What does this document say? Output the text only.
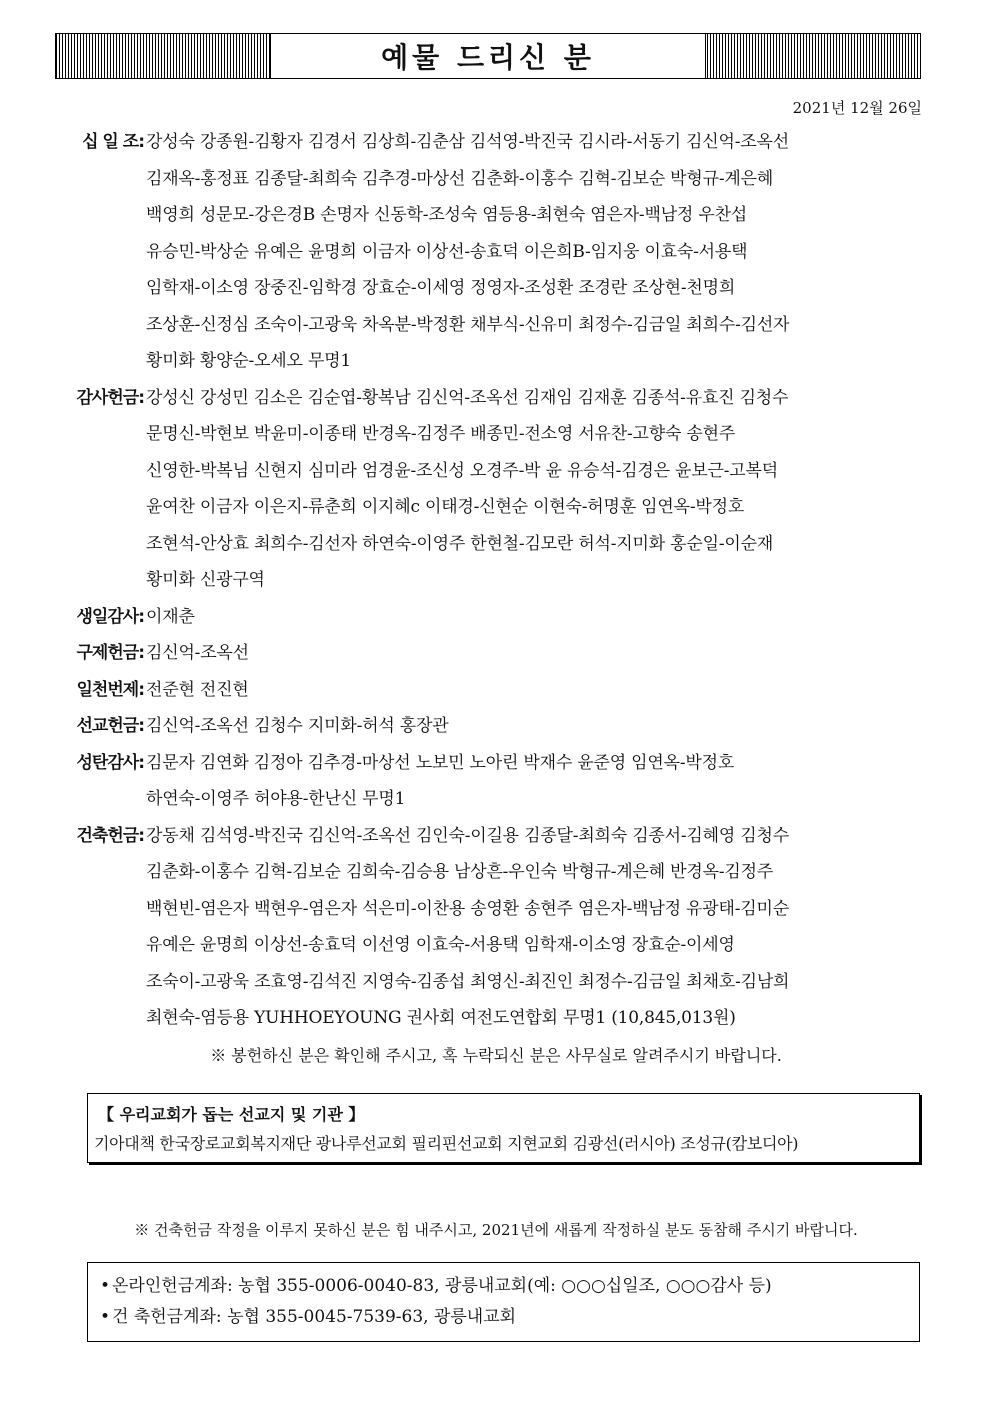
예물 드리신 분
2021년 12월 26일
십 일 조: 강성숙 강종원-김황자 김경서 김상희-김춘삼 김석영-박진국 김시라-서동기 김신억-조옥선
김재옥-홍정표 김종달-최희숙 김추경-마상선 김춘화-이홍수 김혁-김보순 박형규-계은혜
백영희 성문모-강은경B 손명자 신동학-조성숙 염등용-최현숙 염은자-백남정 우찬섭
유승민-박상순 유예은 윤명희 이금자 이상선-송효덕 이은희B-임지웅 이효숙-서용택
임학재-이소영 장중진-임학경 장효순-이세영 정영자-조성환 조경란 조상현-천명희
조상훈-신정심 조숙이-고광욱 차옥분-박정환 채부식-신유미 최정수-김금일 최희수-김선자
황미화 황양순-오세오 무명1
감사헌금: 강성신 강성민 김소은 김순엽-황복남 김신억-조옥선 김재임 김재훈 김종석-유효진 김청수
문명신-박현보 박윤미-이종태 반경옥-김정주 배종민-전소영 서유찬-고향숙 송현주
신영한-박복님 신현지 심미라 엄경윤-조신성 오경주-박 윤 유승석-김경은 윤보근-고복덕
윤여찬 이금자 이은지-류춘희 이지혜c 이태경-신현순 이현숙-허명훈 임연옥-박정호
조현석-안상효 최희수-김선자 하연숙-이영주 한현철-김모란 허석-지미화 홍순일-이순재
황미화 신광구역
생일감사: 이재춘
구제헌금: 김신억-조옥선
일천번제: 전준현 전진현
선교헌금: 김신억-조옥선 김청수 지미화-허석 홍장관
성탄감사: 김문자 김연화 김정아 김추경-마상선 노보민 노아린 박재수 윤준영 임연옥-박정호
하연숙-이영주 허야용-한난신 무명1
건축헌금: 강동채 김석영-박진국 김신억-조옥선 김인숙-이길용 김종달-최희숙 김종서-김혜영 김청수
김춘화-이홍수 김혁-김보순 김희숙-김승용 남상흔-우인숙 박형규-계은혜 반경옥-김정주
백현빈-염은자 백현우-염은자 석은미-이찬용 송영환 송현주 염은자-백남정 유광태-김미순
유예은 윤명희 이상선-송효덕 이선영 이효숙-서용택 임학재-이소영 장효순-이세영
조숙이-고광욱 조효영-김석진 지영숙-김종섭 최영신-최진인 최정수-김금일 최채호-김남희
최현숙-염등용 YUHHOEYOUNG 권사회 여전도연합회 무명1 (10,845,013원)
※ 봉헌하신 분은 확인해 주시고, 혹 누락되신 분은 사무실로 알려주시기 바랍니다.
【 우리교회가 돕는 선교지 및 기관 】
기아대책 한국장로교회복지재단 광나루선교회 필리핀선교회 지현교회 김광선(러시아) 조성규(캄보디아)
※ 건축헌금 작정을 이루지 못하신 분은 힘 내주시고, 2021년에 새롭게 작정하실 분도 동참해 주시기 바랍니다.
• 온라인헌금계좌: 농협 355-0006-0040-83, 광릉내교회(예: ○○○십일조, ○○○감사 등)
• 건 축헌금계좌: 농협 355-0045-7539-63, 광릉내교회
